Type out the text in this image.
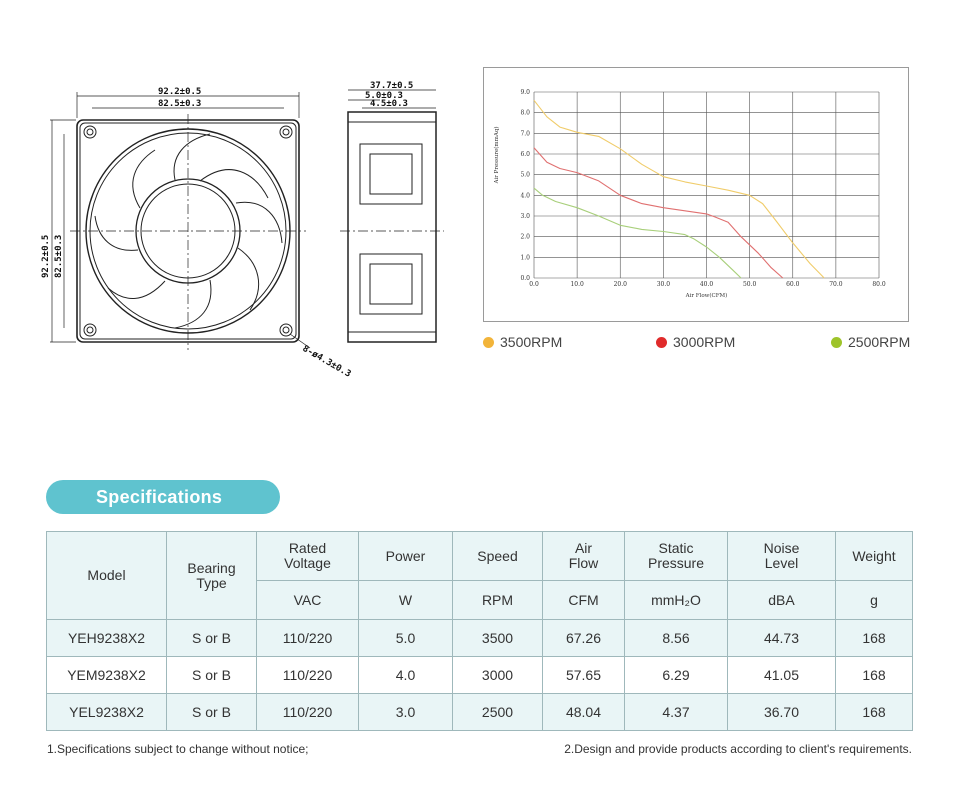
92.2±0.5
82.5±0.3
92.2±0.5 82.5±0.3
8-ø4.3±0.3
37.7±0.5
5.0±0.3
4.5±0.3
0.0
1.0
2.0
3.0
4.0
5.0
6.0
7.0
8.0
9.0
0.0	10.0	20.0	30.0	40.0	50.0	60.0	70.0	80.0
Air Flow(CFM)
Air Pressure(mmAq)
3500RPM	3000RPM	2500RPM
Specifications
Model	Bearing Type	Rated Voltage	Power	Speed	Air Flow	Static Pressure	Noise Level	Weight
		VAC	W	RPM	CFM	mmH₂O	dBA	g
YEH9238X2	S or B	110/220	5.0	3500	67.26	8.56	44.73	168
YEM9238X2	S or B	110/220	4.0	3000	57.65	6.29	41.05	168
YEL9238X2	S or B	110/220	3.0	2500	48.04	4.37	36.70	168
1.Specifications subject to change without notice;	2.Design and provide products according to client's requirements.
